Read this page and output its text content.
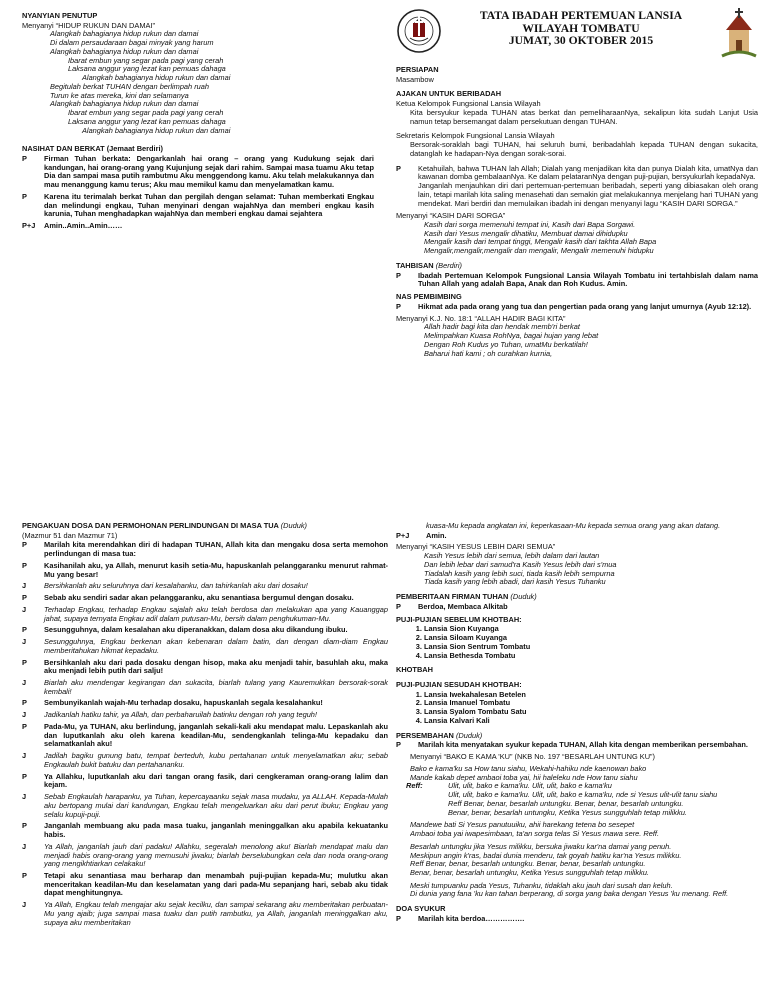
NYANYIAN PENUTUP
Menyanyi “HIDUP RUKUN DAN DAMAI”
Alangkah bahagianya hidup rukun dan damai
Di dalam persaudaraan bagai minyak yang harum
Alangkah bahagianya hidup rukun dan damai
Ibarat embun yang segar pada pagi yang cerah
Laksana anggur yang lezat kan pemuas dahaga
Alangkah bahagianya hidup rukun dan damai
Begitulah berkat TUHAN dengan berlimpah ruah
Turun ke atas mereka, kini dan selamanya
Alangkah bahagianya hidup rukun dan damai
Ibarat embun yang segar pada pagi yang cerah
Laksana anggur yang lezat kan pemuas dahaga
Alangkah bahagianya hidup rukun dan damai
NASIHAT DAN BERKAT (Jemaat Berdiri)
P	Firman Tuhan berkata: Dengarkanlah hai orang – orang yang Kudukung sejak dari kandungan, hai orang-orang yang Kujunjung sejak dari rahim. Sampai masa tuamu Aku tetap Dia dan sampai masa putih rambutmu Aku menggendong kamu. Aku telah melakukannya dan mau menanggung kamu terus; Aku mau memikul kamu dan menyelamatkan kamu.
P	Karena itu terimalah berkat Tuhan dan pergilah dengan selamat: Tuhan memberkati Engkau dan melindungi engkau, Tuhan menyinari dengan wajahNya dan memberi engkau kasih karunia, Tuhan menghadapkan wajahNya dan memberi engkau damai sejahtera
P+J	Amin..Amin..Amin……
TATA IBADAH PERTEMUAN LANSIA
WILAYAH TOMBATU
JUMAT, 30 OKTOBER 2015
PERSIAPAN
Masambow
AJAKAN UNTUK BERIBADAH
Ketua Kelompok Fungsional Lansia Wilayah
Kita bersyukur kepada TUHAN atas berkat dan pemeliharaanNya, sekalipun kita sudah Lanjut Usia namun tetap bersemangat dalam persekutuan dengan TUHAN.
Sekretaris Kelompok Fungsional Lansia Wilayah
Bersorak-soraklah bagi TUHAN, hai seluruh bumi, beribadahlah kepada TUHAN dengan sukacita, datanglah ke hadapan-Nya dengan sorak-sorai.
P	Ketahuilah, bahwa TUHAN lah Allah; Dialah yang menjadikan kita dan punya Dialah kita, umatNya dan kawanan domba gembalaanNya. Ke dalam pelataranNya dengan puji-pujian, bersyukurlah kepadaNya.
Janganlah menjauhkan diri dari pertemuan-pertemuan beribadah, seperti yang dibiasakan oleh orang lain, tetapi marilah kita saling menasehati dan semakin giat melakukannya menjelang hari TUHAN yang mendekat. Mari berdiri dan memulaikan ibadah ini dengan menyanyi lagu “KASIH DARI SORGA.”
Menyanyi “KASIH DARI SORGA”
Kasih dari sorga memenuhi tempat ini, Kasih dari Bapa Sorgawi.
Kasih dari Yesus mengalir dihatiku, Membuat damai dihidupku
Mengalir kasih dari tempat tinggi, Mengalir kasih dari takhta Allah Bapa
Mengalir,mengalir,mengalir dan mengalir, Mengalir memenuhi hidupku
TAHBISAN (Berdiri)
P	Ibadah Pertemuan Kelompok Fungsional Lansia Wilayah Tombatu ini tertahbislah dalam nama Tuhan Allah yang adalah Bapa, Anak dan Roh Kudus. Amin.
NAS PEMBIMBING
P	Hikmat ada pada orang yang tua dan pengertian pada orang yang lanjut umurnya (Ayub 12:12).
Menyanyi K.J. No. 18:1 “ALLAH HADIR BAGI KITA”
Allah hadir bagi kita dan hendak memb'ri berkat
Melimpahkan Kuasa RohNya, bagai hujan yang lebat
Dengan Roh Kudus yo Tuhan, umatMu berkatilah!
Baharui hati kami ; oh curahkan kurnia,
PENGAKUAN DOSA DAN PERMOHONAN PERLINDUNGAN DI MASA TUA (Duduk)
(Mazmur 51 dan Mazmur 71)
P	Marilah kita merendahkan diri di hadapan TUHAN, Allah kita dan mengaku dosa serta memohon perlindungan di masa tua:
P	Kasihanilah aku, ya Allah, menurut kasih setia-Mu, hapuskanlah pelanggaranku menurut rahmat-Mu yang besar!
J	Bersihkanlah aku seluruhnya dari kesalahanku, dan tahirkanlah aku dari dosaku!
P	Sebab aku sendiri sadar akan pelanggaranku, aku senantiasa bergumul dengan dosaku.
J	Terhadap Engkau, terhadap Engkau sajalah aku telah berdosa dan melakukan apa yang Kauanggap jahat, supaya ternyata Engkau adil dalam putusan-Mu, bersih dalam penghukuman-Mu.
P	Sesungguhnya, dalam kesalahan aku diperanakkan, dalam dosa aku dikandung ibuku.
J	Sesungguhnya, Engkau berkenan akan kebenaran dalam batin, dan dengan diam-diam Engkau memberitahukan hikmat kepadaku.
P	Bersihkanlah aku dari pada dosaku dengan hisop, maka aku menjadi tahir, basuhlah aku, maka aku menjadi lebih putih dari salju!
J	Biarlah aku mendengar kegirangan dan sukacita, biarlah tulang yang Kauremukkan bersorak-sorak kembali!
P	Sembunyikanlah wajah-Mu terhadap dosaku, hapuskanlah segala kesalahanku!
J	Jadikanlah hatiku tahir, ya Allah, dan perbaharuilah batinku dengan roh yang teguh!
P	Pada-Mu, ya TUHAN, aku berlindung, janganlah sekali-kali aku mendapat malu. Lepaskanlah aku dan luputkanlah aku oleh karena keadilan-Mu, sendengkanlah telinga-Mu kepadaku dan selamatkanlah aku!
J	Jadilah bagiku gunung batu, tempat berteduh, kubu pertahanan untuk menyelamatkan aku; sebab Engkaulah bukit batuku dan pertahananku.
P	Ya Allahku, luputkanlah aku dari tangan orang fasik, dari cengkeraman orang-orang lalim dan kejam.
J	Sebab Engkaulah harapanku, ya Tuhan, kepercayaanku sejak masa mudaku, ya ALLAH. Kepada-Mulah aku bertopang mulai dari kandungan, Engkau telah mengeluarkan aku dari perut ibuku; Engkau yang selalu kupuji-puji.
P	Janganlah membuang aku pada masa tuaku, janganlah meninggalkan aku apabila kekuatanku habis.
J	Ya Allah, janganlah jauh dari padaku! Allahku, segeralah menolong aku! Biarlah mendapat malu dan menjadi habis orang-orang yang memusuhi jiwaku; biarlah berselubungkan cela dan noda orang-orang yang mengikhtiarkan celakaku!
P	Tetapi aku senantiasa mau berharap dan menambah puji-pujian kepada-Mu; mulutku akan menceritakan keadilan-Mu dan keselamatan yang dari pada-Mu sepanjang hari, sebab aku tidak dapat menghitungnya.
J	Ya Allah, Engkau telah mengajar aku sejak kecilku, dan sampai sekarang aku memberitakan perbuatan-Mu yang ajaib; juga sampai masa tuaku dan putih rambutku, ya Allah, janganlah meninggalkan aku, supaya aku memberitakan
kuasa-Mu kepada angkatan ini, keperkasaan-Mu kepada semua orang yang akan datang.
P+J	Amin.
Menyanyi “KASIH YESUS LEBIH DARI SEMUA”
Kasih Yesus lebih dari semua, lebih dalam dari lautan
Dan lebih lebar dari samud'ra Kasih Yesus lebih dari s'mua
Tiadalah kasih yang lebih suci, tiada kasih lebih sempurna
Tiada kasih yang lebih abadi, dari kasih Yesus Tuhanku
PEMBERITAAN FIRMAN TUHAN (Duduk)
P	Berdoa, Membaca Alkitab
PUJI-PUJIAN SEBELUM KHOTBAH:
1. Lansia Sion Kuyanga
2. Lansia Siloam Kuyanga
3. Lansia Sion Sentrum Tombatu
4. Lansia Bethesda Tombatu
KHOTBAH
PUJI-PUJIAN SESUDAH KHOTBAH:
1. Lansia Iwekahalesan Betelen
2. Lansia Imanuel Tombatu
3. Lansia Syalom Tombatu Satu
4. Lansia Kalvari Kali
PERSEMBAHAN (Duduk)
P	Marilah kita menyatakan syukur kepada TUHAN, Allah kita dengan memberikan persembahan.
Menyanyi “BAKO E KAMA 'KU” (NKB No. 197 “BESARLAH UNTUNG KU”)
Bako e kama'ku sa How tanu siahu, Wekahi-hahiku nde kaenowan bako
Mande kakab depet ambaoi toba yai, hii haleleku nde How tanu siahu
Reff:	Ulit, ulit, bako e kama'ku. Ulit, ulit, bako e kama'ku
Ulit, ulit, bako e kama'ku. Ulit, ulit, bako e kama'ku, nde si Yesus ulit-ulit tanu siahu
Reff Benar, benar, besarlah untungku. Benar, benar, besarlah untungku.
Benar, benar, besarlah untungku, Ketika Yesus sungguhlah tetap milikku.
Mandewe bati Si Yesus panutuuiku, ahii harekang tetena bo sesepet
Ambaoi toba yai iwapesimbaan, ta'an sorga telas Si Yesus mawa sere. Reff.
Besarlah untungku jika Yesus milikku, bersuka jiwaku kar'na damai yang penuh.
Meskipun angin k'ras, badai dunia menderu, tak goyah hatiku kar'na Yesus milikku.
Reff Benar, benar, besarlah untungku. Benar, benar, besarlah untungku.
Benar, benar, besarlah untungku, Ketika Yesus sungguhlah tetap milikku.
Meski tumpuanku pada Yesus, Tuhanku, tidaklah aku jauh dari susah dan keluh.
Di dunia yang fana 'ku kan tahan berperang, di sorga yang baka dengan Yesus 'ku menang. Reff.
DOA SYUKUR
P	Marilah kita berdoa…………….
